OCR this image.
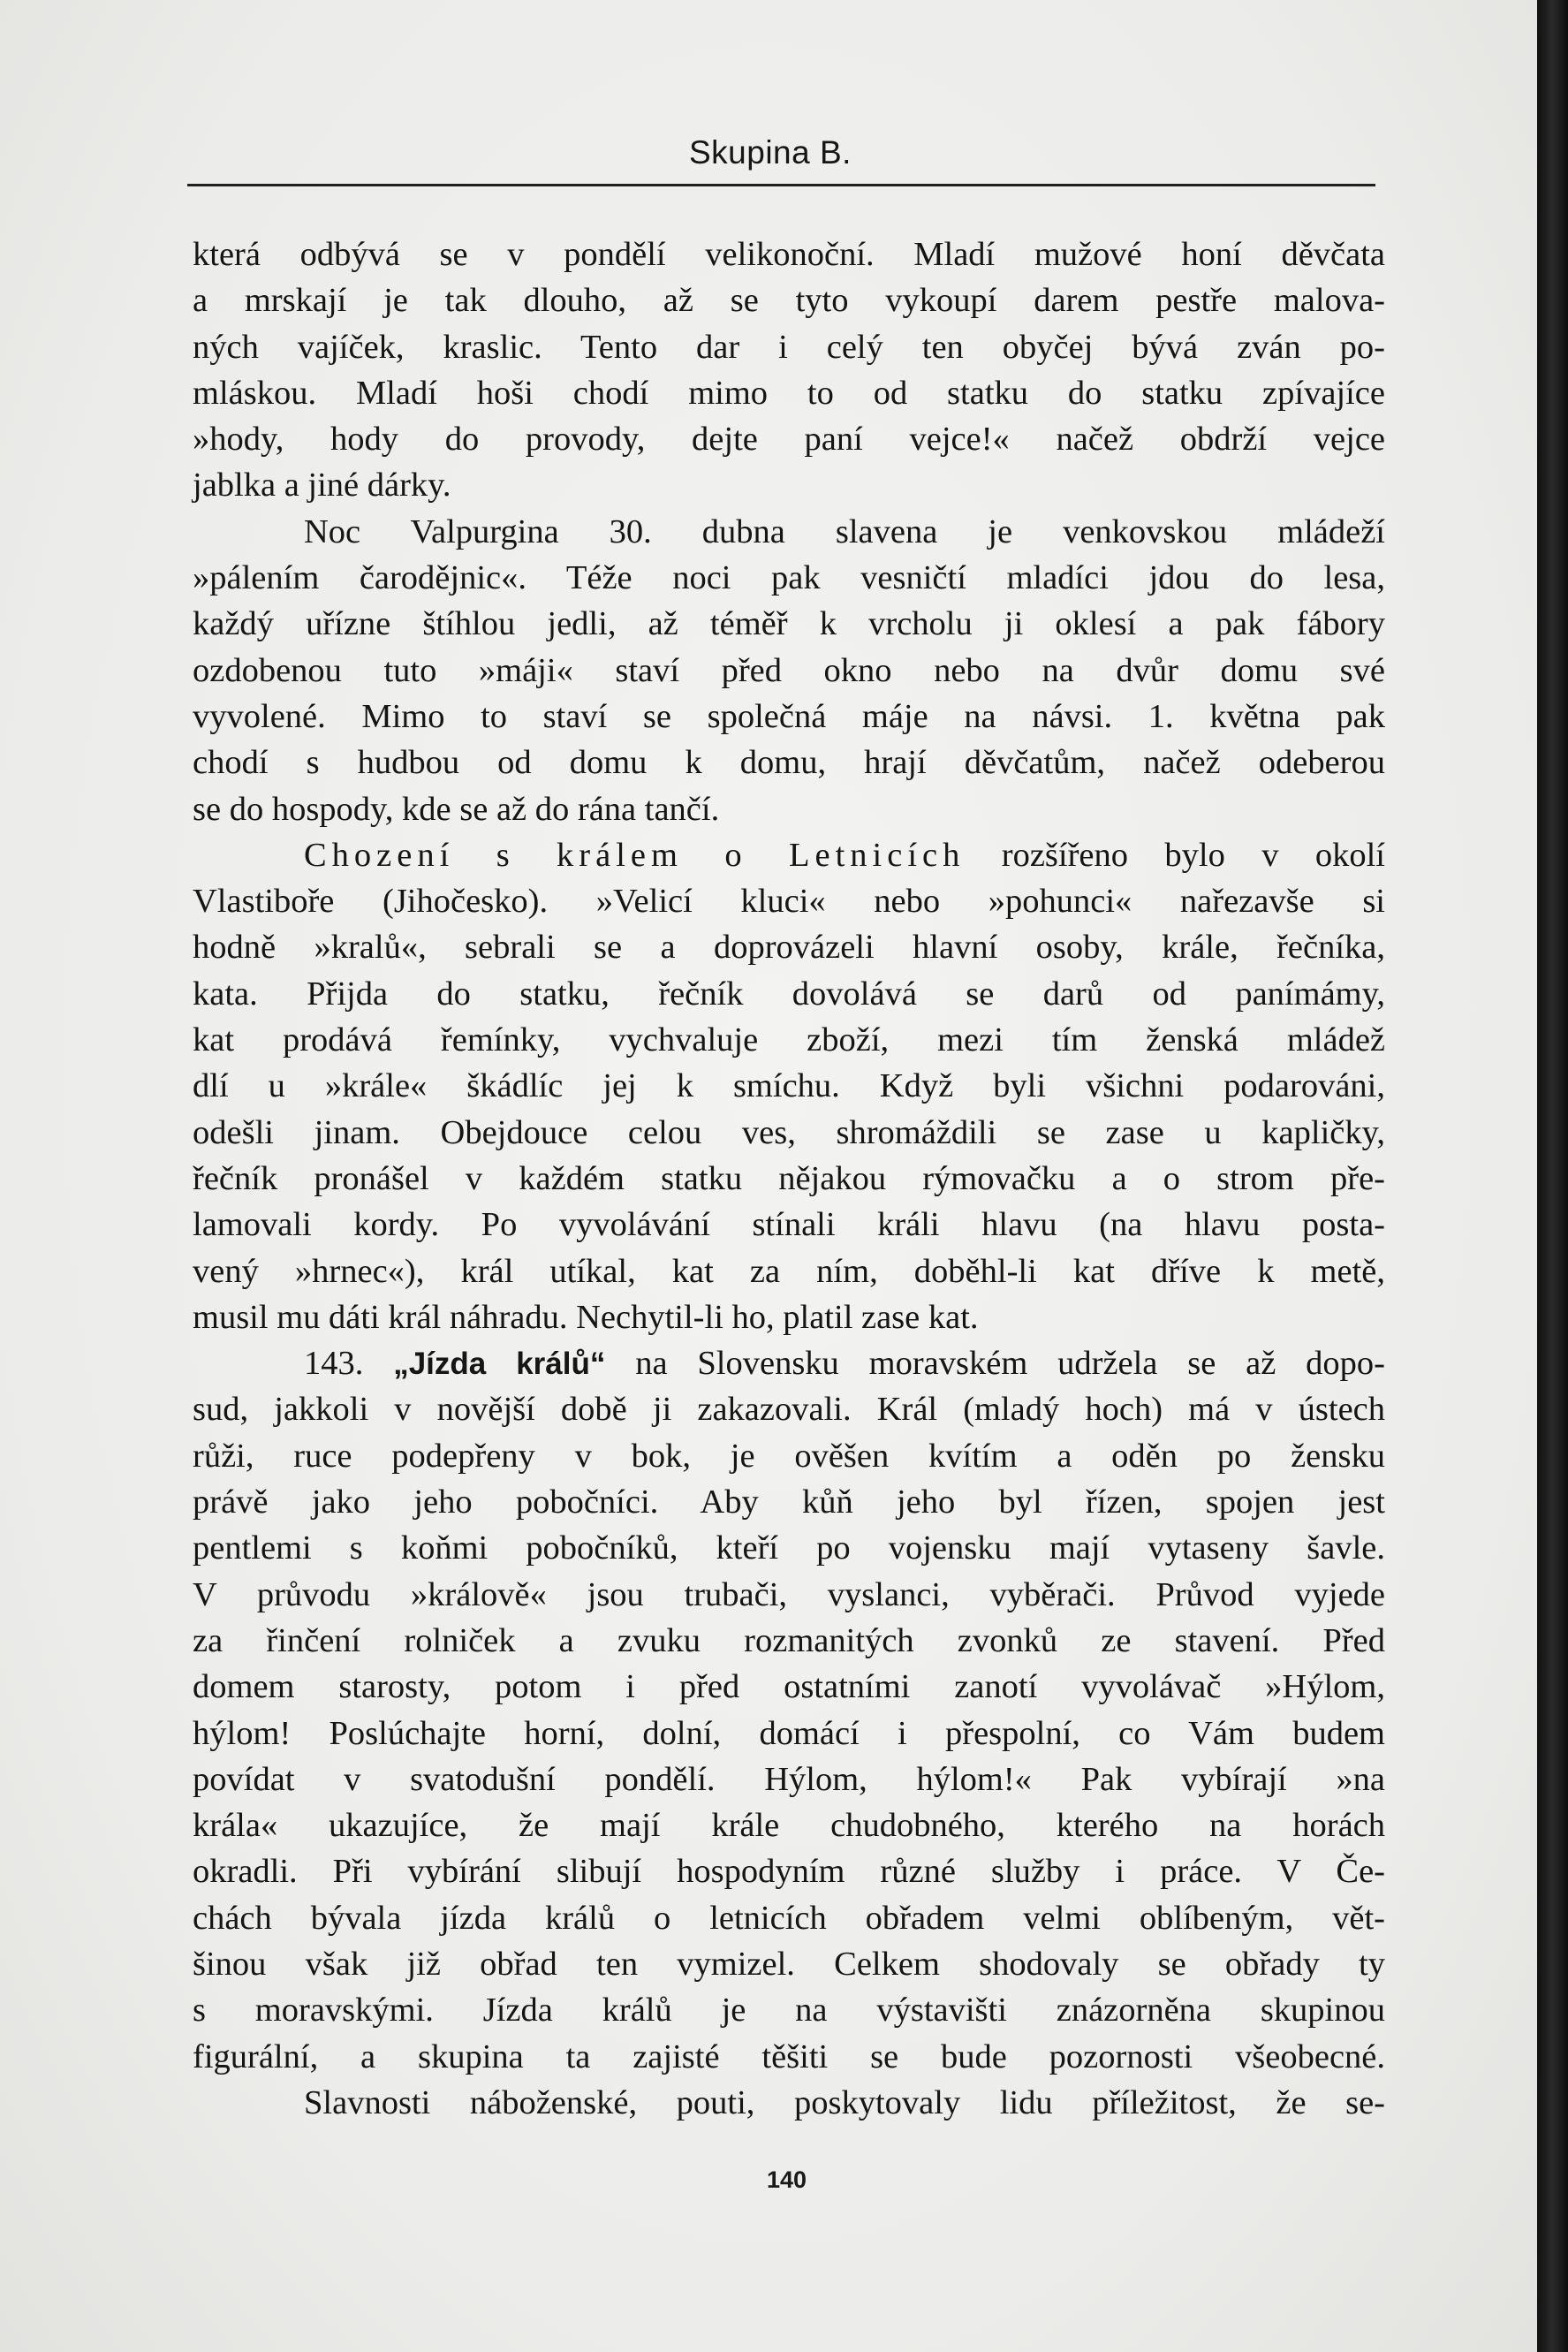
Skupina B.
která odbývá se v pondělí velikonoční. Mladí mužové honí děvčata
a mrskají je tak dlouho, až se tyto vykoupí darem pestře malova-
ných vajíček, kraslic. Tento dar i celý ten obyčej bývá zván po-
mláskou. Mladí hoši chodí mimo to od statku do statku zpívajíce
»hody, hody do provody, dejte paní vejce!« načež obdrží vejce
jablka a jiné dárky.
Noc Valpurgina 30. dubna slavena je venkovskou mládeží
»pálením čarodějnic«. Téže noci pak vesničtí mladíci jdou do lesa,
každý uřízne štíhlou jedli, až téměř k vrcholu ji oklesí a pak fábory
ozdobenou tuto »máji« staví před okno nebo na dvůr domu své
vyvolené. Mimo to staví se společná máje na návsi. 1. května pak
chodí s hudbou od domu k domu, hrají děvčatům, načež odeberou
se do hospody, kde se až do rána tančí.
Chození s králem o Letnicích rozšířeno bylo v okolí
Vlastiboře (Jihočesko). »Velicí kluci« nebo »pohunci« nařezavše si
hodně »kralů«, sebrali se a doprovázeli hlavní osoby, krále, řečníka,
kata. Přijda do statku, řečník dovolává se darů od panímámy,
kat prodává řemínky, vychvaluje zboží, mezi tím ženská mládež
dlí u »krále« škádlíc jej k smíchu. Když byli všichni podarováni,
odešli jinam. Obejdouce celou ves, shromáždili se zase u kapličky,
řečník pronášel v každém statku nějakou rýmovačku a o strom pře-
lamovali kordy. Po vyvolávání stínali králi hlavu (na hlavu posta-
vený »hrnec«), král utíkal, kat za ním, doběhl-li kat dříve k metě,
musil mu dáti král náhradu. Nechytil-li ho, platil zase kat.
143. „Jízda králů“ na Slovensku moravském udržela se až dopo-
sud, jakkoli v novější době ji zakazovali. Král (mladý hoch) má v ústech
růži, ruce podepřeny v bok, je ověšen kvítím a oděn po žensku
právě jako jeho pobočníci. Aby kůň jeho byl řízen, spojen jest
pentlemi s koňmi pobočníků, kteří po vojensku mají vytaseny šavle.
V průvodu »králově« jsou trubači, vyslanci, vyběrači. Průvod vyjede
za řinčení rolniček a zvuku rozmanitých zvonků ze stavení. Před
domem starosty, potom i před ostatními zanotí vyvolávač »Hýlom,
hýlom! Poslúchajte horní, dolní, domácí i přespolní, co Vám budem
povídat v svatodušní pondělí. Hýlom, hýlom!« Pak vybírají »na
krála« ukazujíce, že mají krále chudobného, kterého na horách
okradli. Při vybírání slibují hospodyním různé služby i práce. V Če-
chách bývala jízda králů o letnicích obřadem velmi oblíbeným, vět-
šinou však již obřad ten vymizel. Celkem shodovaly se obřady ty
s moravskými. Jízda králů je na výstavišti znázorněna skupinou
figurální, a skupina ta zajisté těšiti se bude pozornosti všeobecné.
Slavnosti náboženské, pouti, poskytovaly lidu příležitost, že se-
140
